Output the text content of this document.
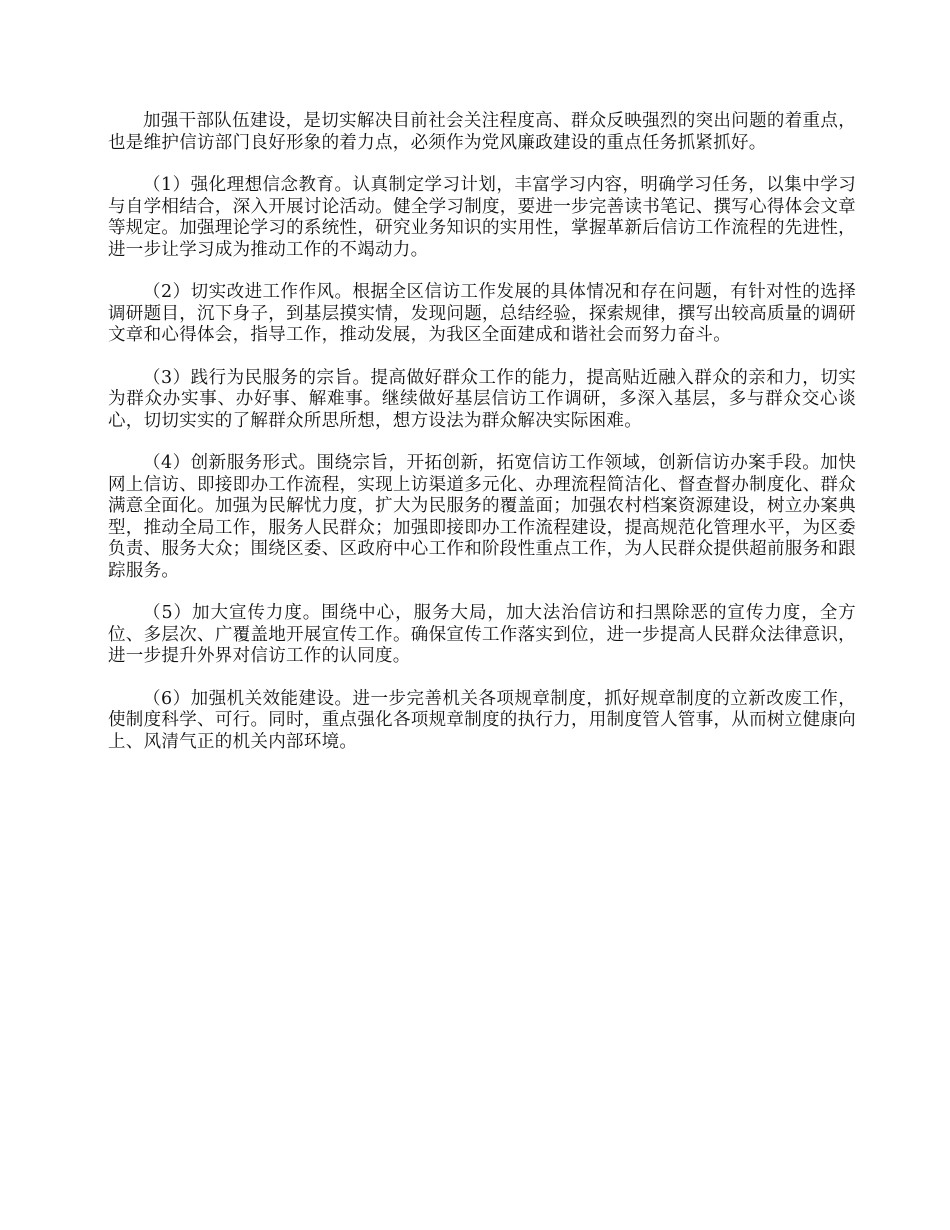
加强干部队伍建设，是切实解决目前社会关注程度高、群众反映强烈的突出问题的着重点，也是维护信访部门良好形象的着力点，必须作为党风廉政建设的重点任务抓紧抓好。

（1）强化理想信念教育。认真制定学习计划，丰富学习内容，明确学习任务，以集中学习与自学相结合，深入开展讨论活动。健全学习制度，要进一步完善读书笔记、撰写心得体会文章等规定。加强理论学习的系统性，研究业务知识的实用性，掌握革新后信访工作流程的先进性，进一步让学习成为推动工作的不竭动力。

（2）切实改进工作作风。根据全区信访工作发展的具体情况和存在问题，有针对性的选择调研题目，沉下身子，到基层摸实情，发现问题，总结经验，探索规律，撰写出较高质量的调研文章和心得体会，指导工作，推动发展，为我区全面建成和谐社会而努力奋斗。

（3）践行为民服务的宗旨。提高做好群众工作的能力，提高贴近融入群众的亲和力，切实为群众办实事、办好事、解难事。继续做好基层信访工作调研，多深入基层，多与群众交心谈心，切切实实的了解群众所思所想，想方设法为群众解决实际困难。

（4）创新服务形式。围绕宗旨，开拓创新，拓宽信访工作领域，创新信访办案手段。加快网上信访、即接即办工作流程，实现上访渠道多元化、办理流程简洁化、督查督办制度化、群众满意全面化。加强为民解忧力度，扩大为民服务的覆盖面；加强农村档案资源建设，树立办案典型，推动全局工作，服务人民群众；加强即接即办工作流程建设，提高规范化管理水平，为区委负责、服务大众；围绕区委、区政府中心工作和阶段性重点工作，为人民群众提供超前服务和跟踪服务。

（5）加大宣传力度。围绕中心，服务大局，加大法治信访和扫黑除恶的宣传力度，全方位、多层次、广覆盖地开展宣传工作。确保宣传工作落实到位，进一步提高人民群众法律意识，进一步提升外界对信访工作的认同度。

（6）加强机关效能建设。进一步完善机关各项规章制度，抓好规章制度的立新改废工作，使制度科学、可行。同时，重点强化各项规章制度的执行力，用制度管人管事，从而树立健康向上、风清气正的机关内部环境。
